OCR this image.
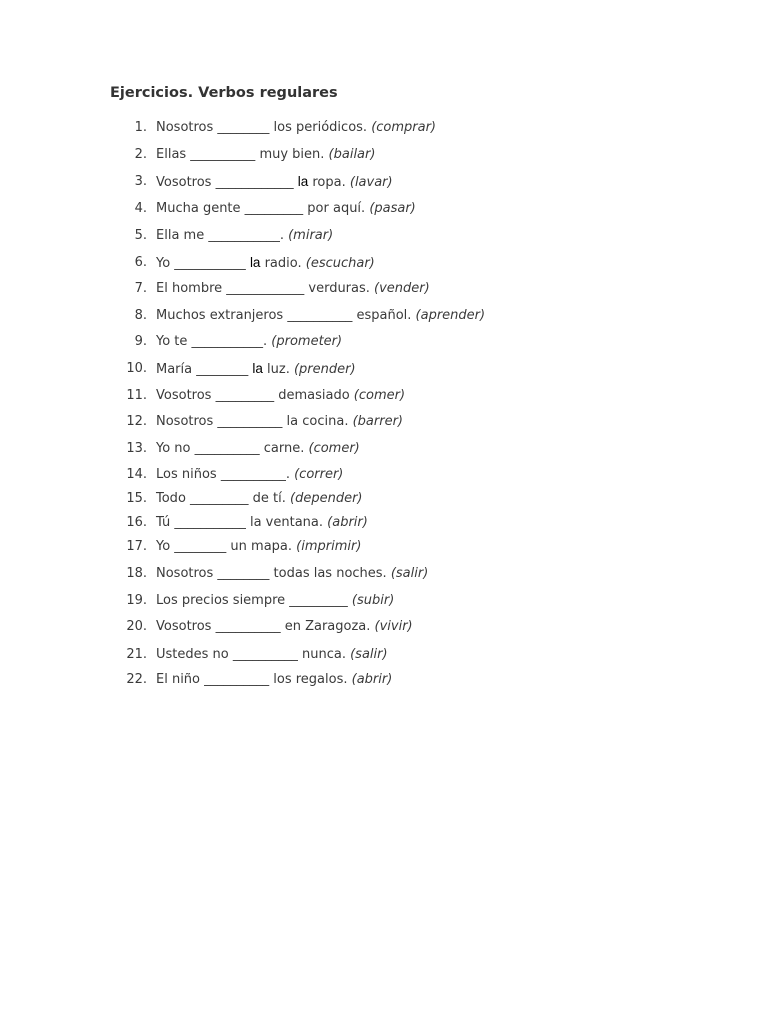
Ejercicios. Verbos regulares
1. Nosotros ________ los periódicos. (comprar)
2. Ellas __________ muy bien. (bailar)
3. Vosotros ____________ la ropa. (lavar)
4. Mucha gente _________ por aquí. (pasar)
5. Ella me ___________. (mirar)
6. Yo ___________ la radio. (escuchar)
7. El hombre ____________ verduras. (vender)
8. Muchos extranjeros __________ español. (aprender)
9. Yo te ___________. (prometer)
10. María ________ la luz. (prender)
11. Vosotros _________ demasiado (comer)
12. Nosotros __________ la cocina. (barrer)
13. Yo no __________ carne. (comer)
14. Los niños __________. (correr)
15. Todo _________ de tí. (depender)
16. Tú ___________ la ventana. (abrir)
17. Yo ________ un mapa. (imprimir)
18. Nosotros ________ todas las noches. (salir)
19. Los precios siempre _________ (subir)
20. Vosotros __________ en Zaragoza. (vivir)
21. Ustedes no __________ nunca. (salir)
22. El niño __________ los regalos. (abrir)
